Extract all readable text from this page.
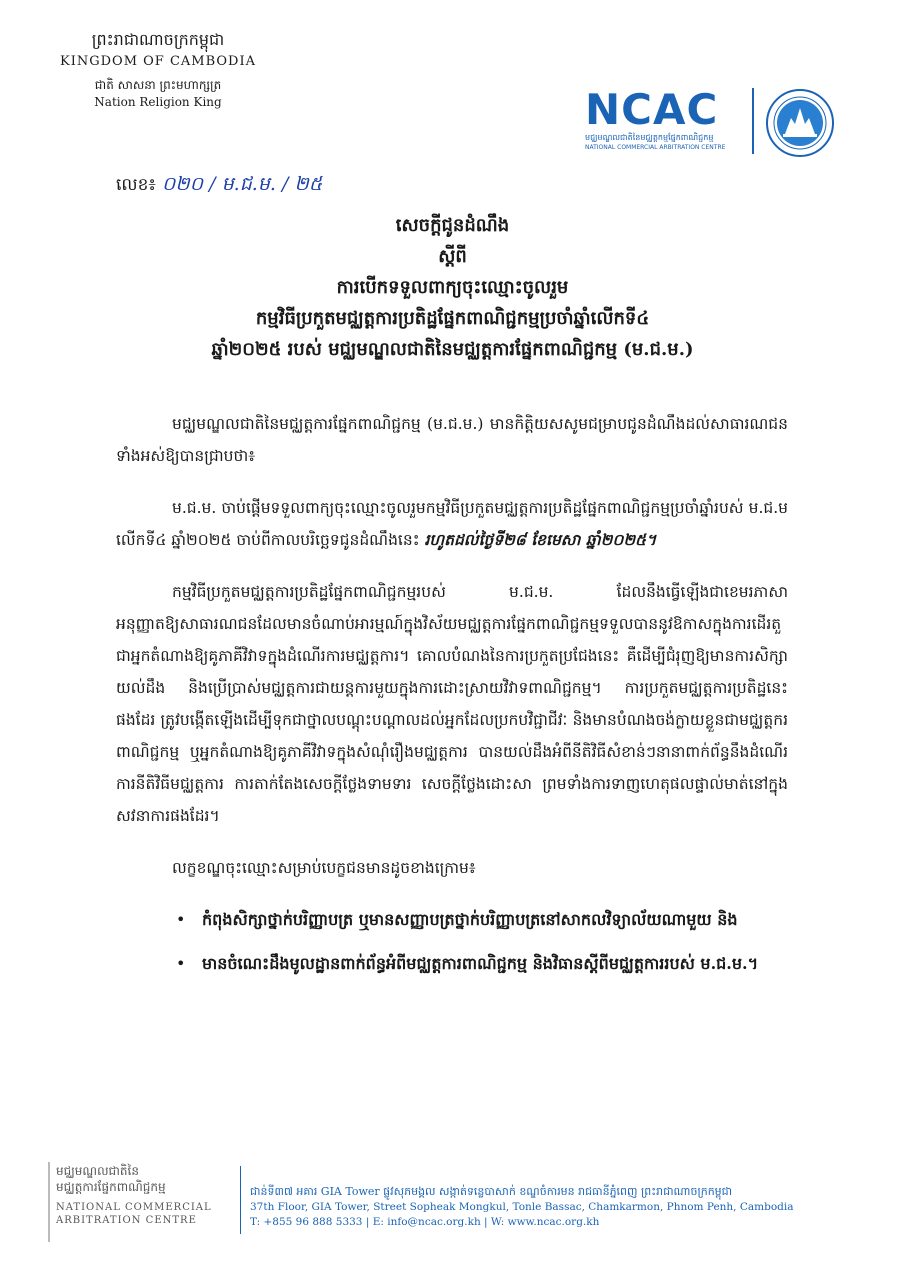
ព្រះរាជាណាចក្រកម្ពុជា
KINGDOM OF CAMBODIA
ជាតិ សាសនា ព្រះមហាក្សត្រ
Nation Religion King	NCAC
មជ្ឈមណ្ឌលជាតិនៃមជ្ឈត្តកម្មផ្នែកពាណិជ្ជកម្ម
NATIONAL COMMERCIAL ARBITRATION CENTRE
លេខ៖ ០២០ / ម.ជ.ម. / ២៥
សេចក្តីជូនដំណឹង
ស្តីពី
ការបើកទទួលពាក្យចុះឈ្មោះចូលរួម
កម្មវិធីប្រកួតមជ្ឈត្តការប្រតិដ្ឋផ្នែកពាណិជ្ជកម្មប្រចាំឆ្នាំលើកទី៤
ឆ្នាំ២០២៥ របស់ មជ្ឈមណ្ឌលជាតិនៃមជ្ឈត្តការផ្នែកពាណិជ្ជកម្ម (ម.ជ.ម.)

មជ្ឈមណ្ឌលជាតិនៃមជ្ឈត្តការផ្នែកពាណិជ្ជកម្ម (ម.ជ.ម.) មានកិត្តិយសសូមជម្រាបជូនដំណឹងដល់សាធារណជនទាំងអស់ឱ្យបានជ្រាបថា៖

ម.ជ.ម. ចាប់ផ្តើមទទួលពាក្យចុះឈ្មោះចូលរួមកម្មវិធីប្រកួតមជ្ឈត្តការប្រតិដ្ឋផ្នែកពាណិជ្ជកម្មប្រចាំឆ្នាំរបស់ ម.ជ.ម លើកទី៤ ឆ្នាំ២០២៥ ចាប់ពីកាលបរិច្ឆេទជូនដំណឹងនេះ រហូតដល់ថ្ងៃទី២៨ ខែមេសា ឆ្នាំ២០២៥។

កម្មវិធីប្រកួតមជ្ឈត្តការប្រតិដ្ឋផ្នែកពាណិជ្ជកម្មរបស់ ម.ជ.ម. ដែលនឹងធ្វើឡើងជាខេមរភាសា អនុញ្ញាតឱ្យសាធារណជនដែលមានចំណាប់អារម្មណ៍ក្នុងវិស័យមជ្ឈត្តការផ្នែកពាណិជ្ជកម្មទទួលបាននូវឱកាសក្នុងការដើរតួជាអ្នកតំណាងឱ្យគូភាគីវិវាទក្នុងដំណើរការមជ្ឈត្តការ។ គោលបំណងនៃការប្រកួតប្រជែងនេះ គឺដើម្បីជំរុញឱ្យមានការសិក្សាយល់ដឹង និងប្រើប្រាស់មជ្ឈត្តការជាយន្តការមួយក្នុងការដោះស្រាយវិវាទពាណិជ្ជកម្ម។ ការប្រកួតមជ្ឈត្តការប្រតិដ្ឋនេះផងដែរ ត្រូវបង្កើតឡើងដើម្បីទុកជាថ្នាលបណ្តុះបណ្តាលដល់អ្នកដែលប្រកបវិជ្ជាជីវៈ និងមានបំណងចង់ក្លាយខ្លួនជាមជ្ឈត្តករពាណិជ្ជកម្ម ឬអ្នកតំណាងឱ្យគូភាគីវិវាទក្នុងសំណុំរឿងមជ្ឈត្តការ បានយល់ដឹងអំពីនីតិវិធីសំខាន់ៗនានាពាក់ព័ន្ធនឹងដំណើរការនីតិវិធីមជ្ឈត្តការ ការតាក់តែងសេចក្តីថ្លែងទាមទារ សេចក្តីថ្លែងដោះសា ព្រមទាំងការទាញហេតុផលផ្ទាល់មាត់នៅក្នុងសវនាការផងដែរ។

លក្ខខណ្ឌចុះឈ្មោះសម្រាប់បេក្ខជនមានដូចខាងក្រោម៖

• កំពុងសិក្សាថ្នាក់បរិញ្ញាបត្រ ឬមានសញ្ញាបត្រថ្នាក់បរិញ្ញាបត្រនៅសាកលវិទ្យាល័យណាមួយ និង
• មានចំណេះដឹងមូលដ្ឋានពាក់ព័ន្ធអំពីមជ្ឈត្តការពាណិជ្ជកម្ម និងវិធានស្តីពីមជ្ឈត្តការរបស់ ម.ជ.ម.។
មជ្ឈមណ្ឌលជាតិនៃ
មជ្ឈត្តការផ្នែកពាណិជ្ជកម្ម
NATIONAL COMMERCIAL
ARBITRATION CENTRE
ជាន់ទី៣៧ អគារ GIA Tower ផ្លូវសុភមង្គល សង្កាត់ទន្លេបាសាក់ ខណ្ឌចំការមន រាជធានីភ្នំពេញ ព្រះរាជាណាចក្រកម្ពុជា
37th Floor, GIA Tower, Street Sopheak Mongkul, Tonle Bassac, Chamkarmon, Phnom Penh, Cambodia
T: +855 96 888 5333 | E: info@ncac.org.kh | W: www.ncac.org.kh
